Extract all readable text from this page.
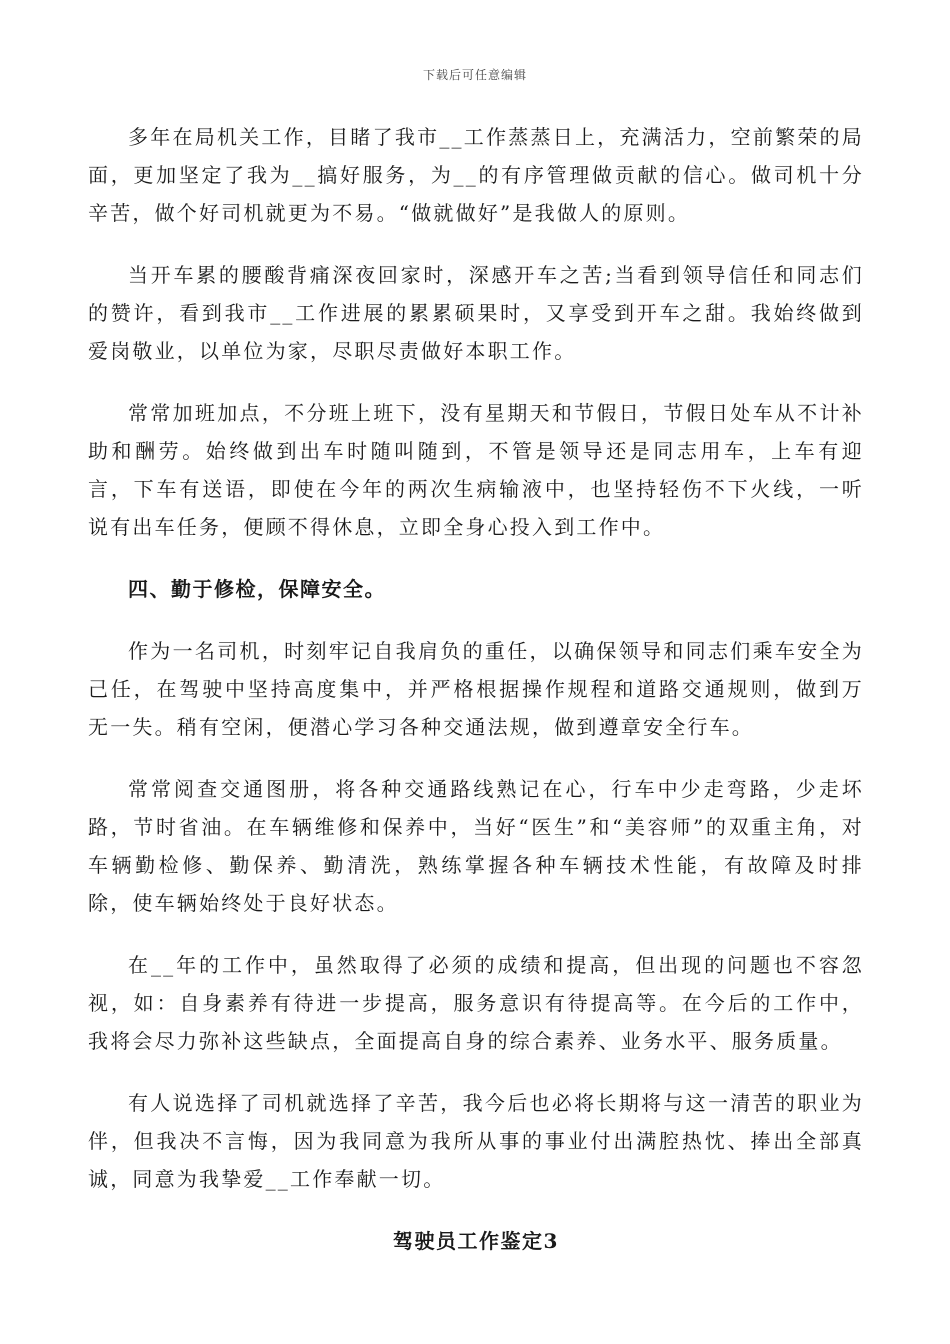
下载后可任意编辑

多年在局机关工作，目睹了我市__工作蒸蒸日上，充满活力，空前繁荣的局面，更加坚定了我为__搞好服务，为__的有序管理做贡献的信心。做司机十分辛苦，做个好司机就更为不易。“做就做好”是我做人的原则。

当开车累的腰酸背痛深夜回家时，深感开车之苦;当看到领导信任和同志们的赞许，看到我市__工作进展的累累硕果时，又享受到开车之甜。我始终做到爱岗敬业，以单位为家，尽职尽责做好本职工作。

常常加班加点，不分班上班下，没有星期天和节假日，节假日处车从不计补助和酬劳。始终做到出车时随叫随到，不管是领导还是同志用车，上车有迎言，下车有送语，即使在今年的两次生病输液中，也坚持轻伤不下火线，一听说有出车任务，便顾不得休息，立即全身心投入到工作中。

四、勤于修检，保障安全。

作为一名司机，时刻牢记自我肩负的重任，以确保领导和同志们乘车安全为己任，在驾驶中坚持高度集中，并严格根据操作规程和道路交通规则，做到万无一失。稍有空闲，便潜心学习各种交通法规，做到遵章安全行车。

常常阅查交通图册，将各种交通路线熟记在心，行车中少走弯路，少走坏路，节时省油。在车辆维修和保养中，当好“医生”和“美容师”的双重主角，对车辆勤检修、勤保养、勤清洗，熟练掌握各种车辆技术性能，有故障及时排除，使车辆始终处于良好状态。

在__年的工作中，虽然取得了必须的成绩和提高，但出现的问题也不容忽视，如：自身素养有待进一步提高，服务意识有待提高等。在今后的工作中，我将会尽力弥补这些缺点，全面提高自身的综合素养、业务水平、服务质量。

有人说选择了司机就选择了辛苦，我今后也必将长期将与这一清苦的职业为伴，但我决不言悔，因为我同意为我所从事的事业付出满腔热忱、捧出全部真诚，同意为我挚爱__工作奉献一切。

驾驶员工作鉴定3
